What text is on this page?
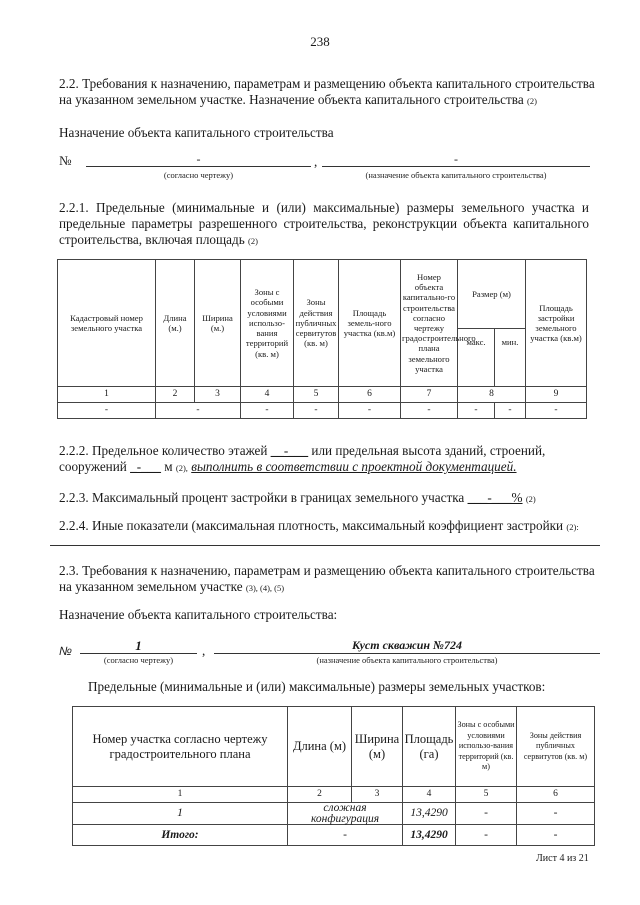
238
2.2. Требования к назначению, параметрам и размещению объекта капитального строительства
на указанном земельном участке. Назначение объекта капитального строительства (2)
Назначение объекта капитального строительства
№	-	,	-
(согласно чертежу)	(назначение объекта капитального строительства)
2.2.1. Предельные (минимальные и (или) максимальные) размеры земельного участка и
предельные параметры разрешенного строительства, реконструкции объекта капитального
строительства, включая площадь (2)
Кадастровый номер земельного участка	Длина (м.)	Ширина (м.)	Зоны с особыми условиями использо-вания территорий (кв. м)	Зоны действия публичных сервитутов (кв. м)	Площадь земель-ного участка (кв.м)	Номер объекта капитально-го строительства согласно чертежу градостроительного плана земельного участка	Размер (м)		Площадь застройки земельного участка (кв.м)
							макс.	мин.	
1	2	3	4	5	6	7	8		9
-	-		-	-	-	-	-	-	-
2.2.2. Предельное количество этажей __-___ или предельная высота зданий, строений,
сооружений _-___ м (2), выполнить в соответствии с проектной документацией.
2.2.3. Максимальный процент застройки в границах земельного участка ___-___% (2)
2.2.4. Иные показатели (максимальная плотность, максимальный коэффициент застройки (2):
2.3. Требования к назначению, параметрам и размещению объекта капитального строительства
на указанном земельном участке (3), (4), (5)
Назначение объекта капитального строительства:
№	1	,	Куст скважин №724
(согласно чертежу)	(назначение объекта капитального строительства)
Предельные (минимальные и (или) максимальные) размеры земельных участков:
Номер участка согласно чертежу градостроительного плана	Длина (м)	Ширина (м)	Площадь (га)	Зоны с особыми условиями использо-вания территорий (кв. м)	Зоны действия публичных сервитутов (кв. м)
1	2	3	4	5	6
1	сложная конфигурация		13,4290	-	-
Итого:	-		13,4290	-	-
Лист 4 из 21
